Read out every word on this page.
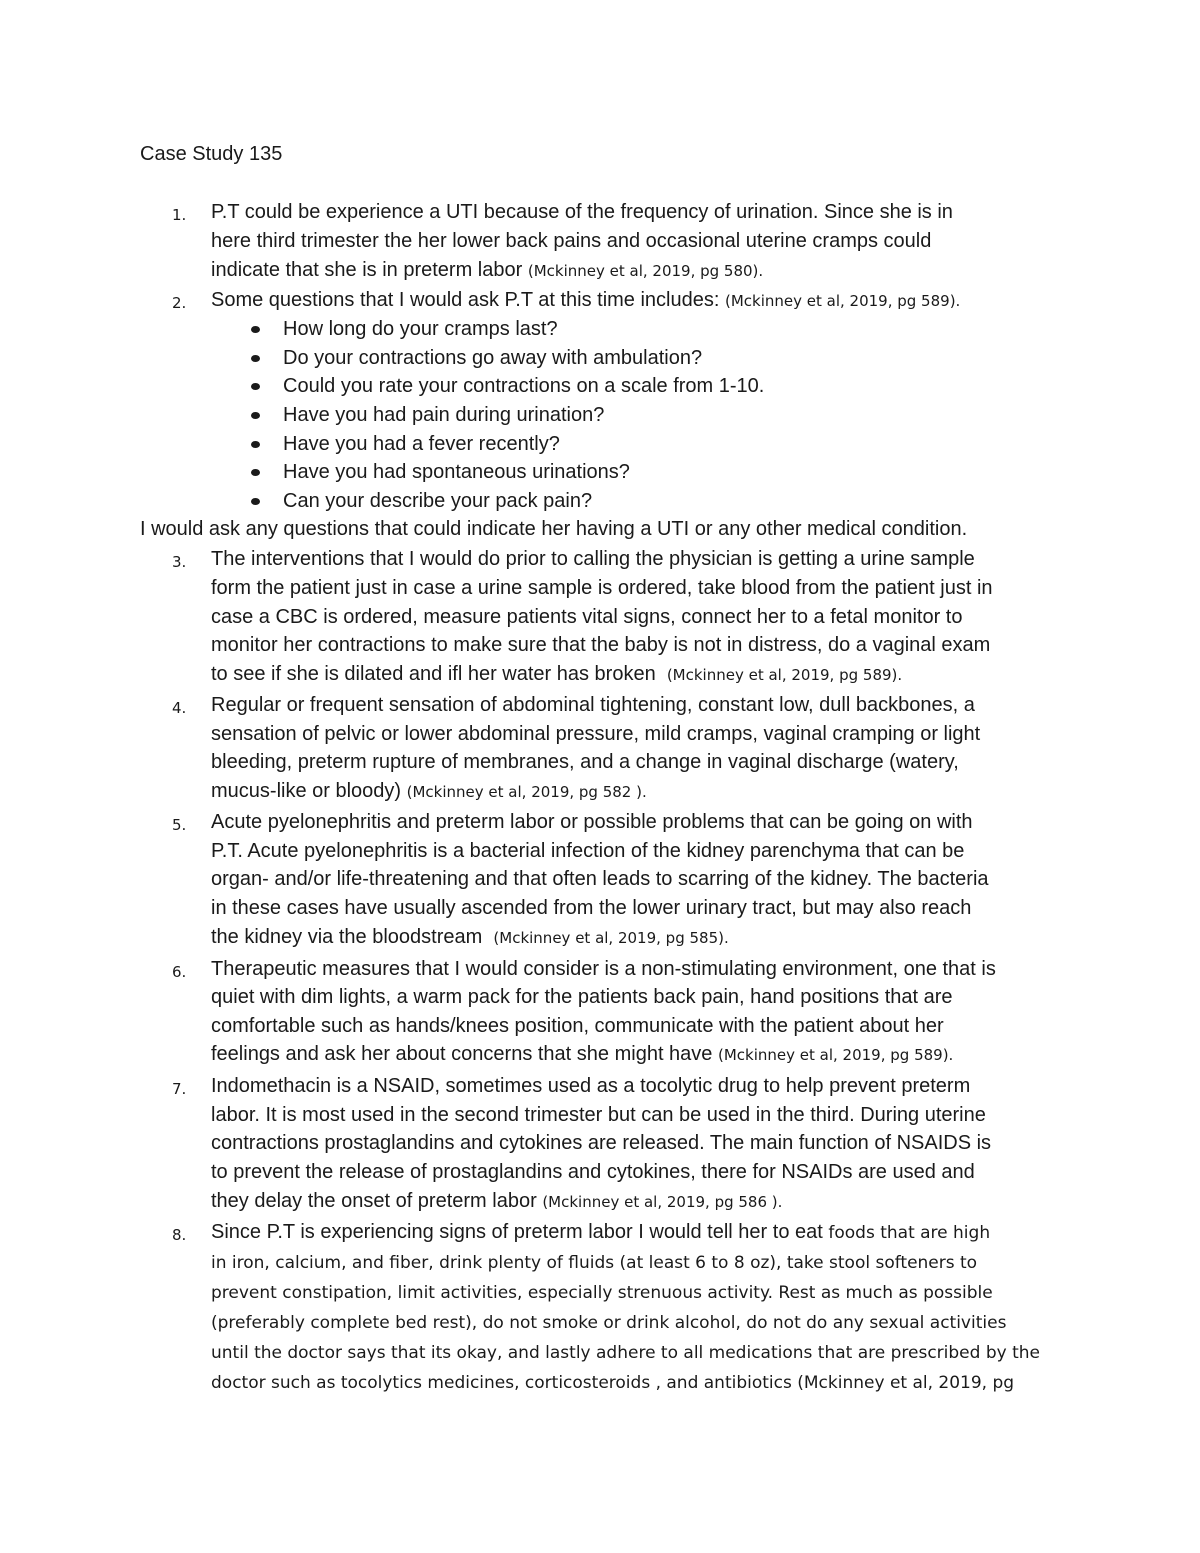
Case Study 135
1. P.T could be experience a UTI because of the frequency of urination. Since she is in
here third trimester the her lower back pains and occasional uterine cramps could
indicate that she is in preterm labor (Mckinney et al, 2019, pg 580).
2. Some questions that I would ask P.T at this time includes: (Mckinney et al, 2019, pg 589).
How long do your cramps last?
Do your contractions go away with ambulation?
Could you rate your contractions on a scale from 1-10.
Have you had pain during urination?
Have you had a fever recently?
Have you had spontaneous urinations?
Can your describe your pack pain?
I would ask any questions that could indicate her having a UTI or any other medical condition.
3. The interventions that I would do prior to calling the physician is getting a urine sample
form the patient just in case a urine sample is ordered, take blood from the patient just in
case a CBC is ordered, measure patients vital signs, connect her to a fetal monitor to
monitor her contractions to make sure that the baby is not in distress, do a vaginal exam
to see if she is dilated and ifl her water has broken (Mckinney et al, 2019, pg 589).
4. Regular or frequent sensation of abdominal tightening, constant low, dull backbones, a
sensation of pelvic or lower abdominal pressure, mild cramps, vaginal cramping or light
bleeding, preterm rupture of membranes, and a change in vaginal discharge (watery,
mucus-like or bloody) (Mckinney et al, 2019, pg 582 ).
5. Acute pyelonephritis and preterm labor or possible problems that can be going on with
P.T. Acute pyelonephritis is a bacterial infection of the kidney parenchyma that can be
organ- and/or life-threatening and that often leads to scarring of the kidney. The bacteria
in these cases have usually ascended from the lower urinary tract, but may also reach
the kidney via the bloodstream (Mckinney et al, 2019, pg 585).
6. Therapeutic measures that I would consider is a non-stimulating environment, one that is
quiet with dim lights, a warm pack for the patients back pain, hand positions that are
comfortable such as hands/knees position, communicate with the patient about her
feelings and ask her about concerns that she might have (Mckinney et al, 2019, pg 589).
7. Indomethacin is a NSAID, sometimes used as a tocolytic drug to help prevent preterm
labor. It is most used in the second trimester but can be used in the third. During uterine
contractions prostaglandins and cytokines are released. The main function of NSAIDS is
to prevent the release of prostaglandins and cytokines, there for NSAIDs are used and
they delay the onset of preterm labor (Mckinney et al, 2019, pg 586 ).
8. Since P.T is experiencing signs of preterm labor I would tell her to eat foods that are high
in iron, calcium, and fiber, drink plenty of fluids (at least 6 to 8 oz), take stool softeners to
prevent constipation, limit activities, especially strenuous activity. Rest as much as possible
(preferably complete bed rest), do not smoke or drink alcohol, do not do any sexual activities
until the doctor says that its okay, and lastly adhere to all medications that are prescribed by the
doctor such as tocolytics medicines, corticosteroids , and antibiotics (Mckinney et al, 2019, pg
